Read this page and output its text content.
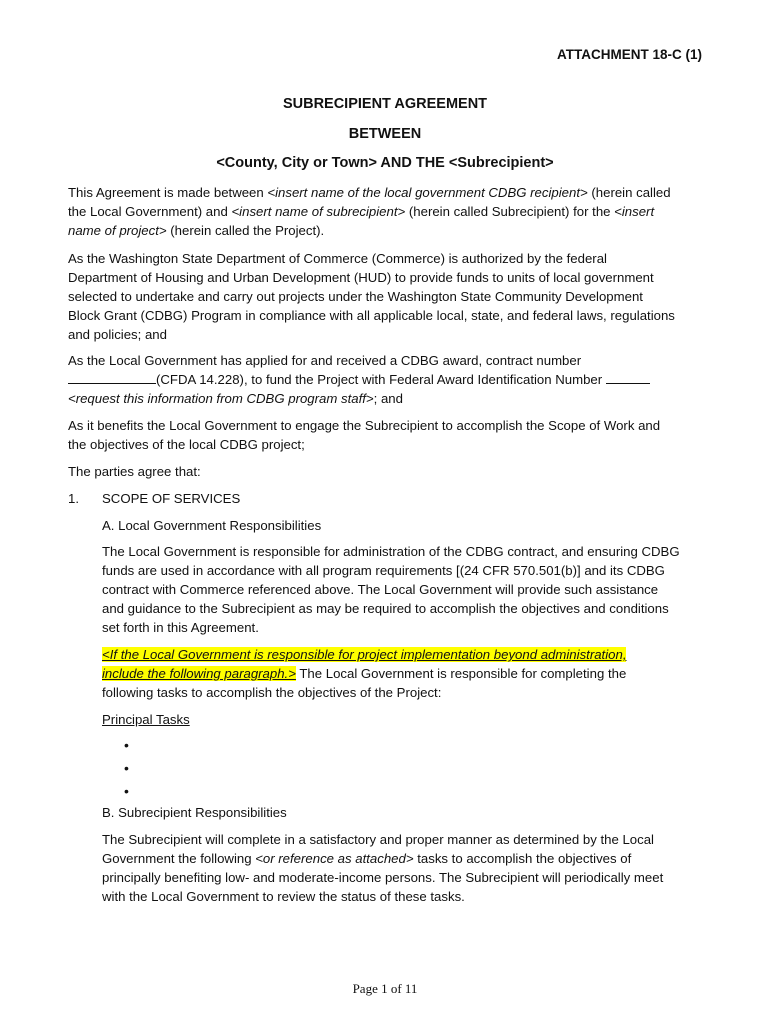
ATTACHMENT 18-C (1)
SUBRECIPIENT AGREEMENT
BETWEEN
<County, City or Town> AND THE <Subrecipient>
This Agreement is made between <insert name of the local government CDBG recipient> (herein called
the Local Government) and <insert name of subrecipient> (herein called Subrecipient) for the <insert
name of project> (herein called the Project).
As the Washington State Department of Commerce (Commerce) is authorized by the federal
Department of Housing and Urban Development (HUD) to provide funds to units of local government
selected to undertake and carry out projects under the Washington State Community Development
Block Grant (CDBG) Program in compliance with all applicable local, state, and federal laws, regulations
and policies; and
As the Local Government has applied for and received a CDBG award, contract number
(CFDA 14.228), to fund the Project with Federal Award Identification Number
<request this information from CDBG program staff>; and
As it benefits the Local Government to engage the Subrecipient to accomplish the Scope of Work and
the objectives of the local CDBG project;
The parties agree that:
1. SCOPE OF SERVICES
A. Local Government Responsibilities
The Local Government is responsible for administration of the CDBG contract, and ensuring CDBG
funds are used in accordance with all program requirements [(24 CFR 570.501(b)] and its CDBG
contract with Commerce referenced above. The Local Government will provide such assistance
and guidance to the Subrecipient as may be required to accomplish the objectives and conditions
set forth in this Agreement.
<If the Local Government is responsible for project implementation beyond administration,
include the following paragraph.> The Local Government is responsible for completing the
following tasks to accomplish the objectives of the Project:
Principal Tasks
•
•
•
B. Subrecipient Responsibilities
The Subrecipient will complete in a satisfactory and proper manner as determined by the Local
Government the following <or reference as attached> tasks to accomplish the objectives of
principally benefiting low- and moderate-income persons. The Subrecipient will periodically meet
with the Local Government to review the status of these tasks.
Page 1 of 11
